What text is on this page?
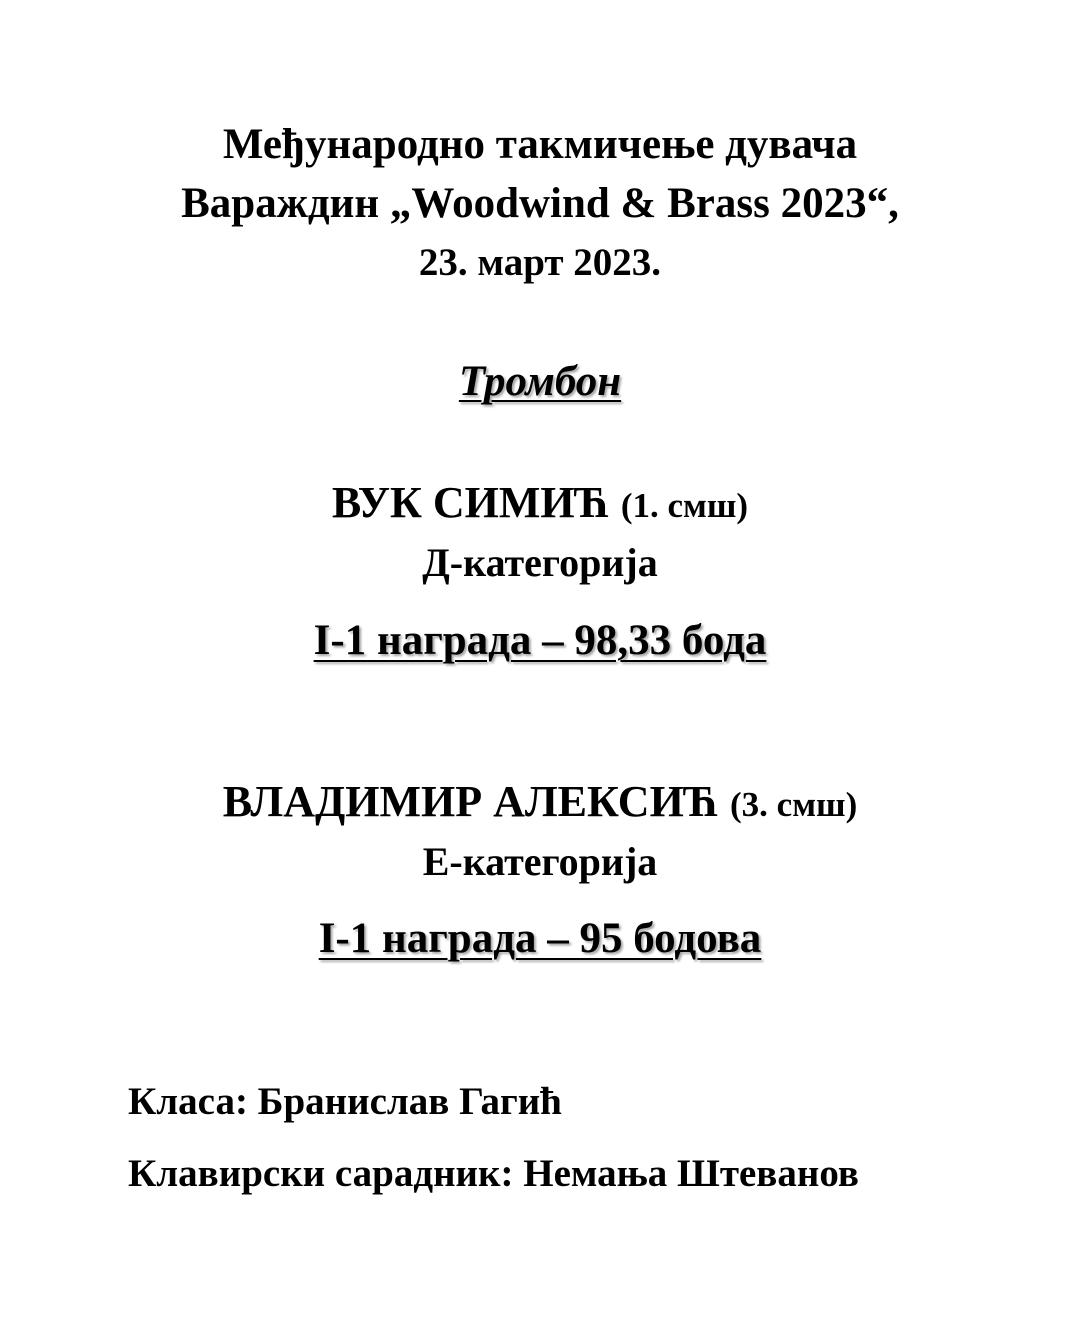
Међународно такмичење дувача
Вараждин „Woodwind & Brass 2023“,
23. март 2023.
Тромбон
ВУК СИМИЋ (1. смш)
Д-категорија
I-1 награда – 98,33 бода
ВЛАДИМИР АЛЕКСИЋ (3. смш)
Е-категорија
I-1 награда – 95 бодова
Класа: Бранислав Гагић
Клавирски сарадник: Немања Штеванов
